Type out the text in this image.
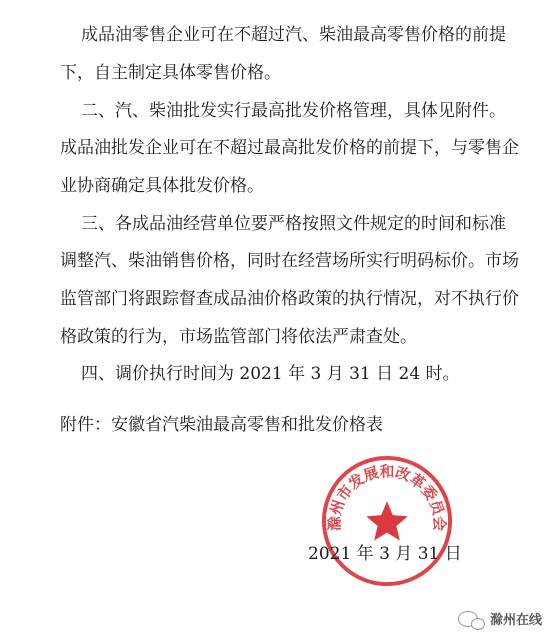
成品油零售企业可在不超过汽、柴油最高零售价格的前提
下，自主制定具体零售价格。
二、汽、柴油批发实行最高批发价格管理，具体见附件。
成品油批发企业可在不超过最高批发价格的前提下，与零售企
业协商确定具体批发价格。
三、各成品油经营单位要严格按照文件规定的时间和标准
调整汽、柴油销售价格，同时在经营场所实行明码标价。市场
监管部门将跟踪督查成品油价格政策的执行情况，对不执行价
格政策的行为，市场监管部门将依法严肃查处。
四、调价执行时间为 2021 年 3 月 31 日 24 时。
附件：安徽省汽柴油最高零售和批发价格表
滁州市发展和改革委员会
2021 年 3 月 31 日
滁州在线
